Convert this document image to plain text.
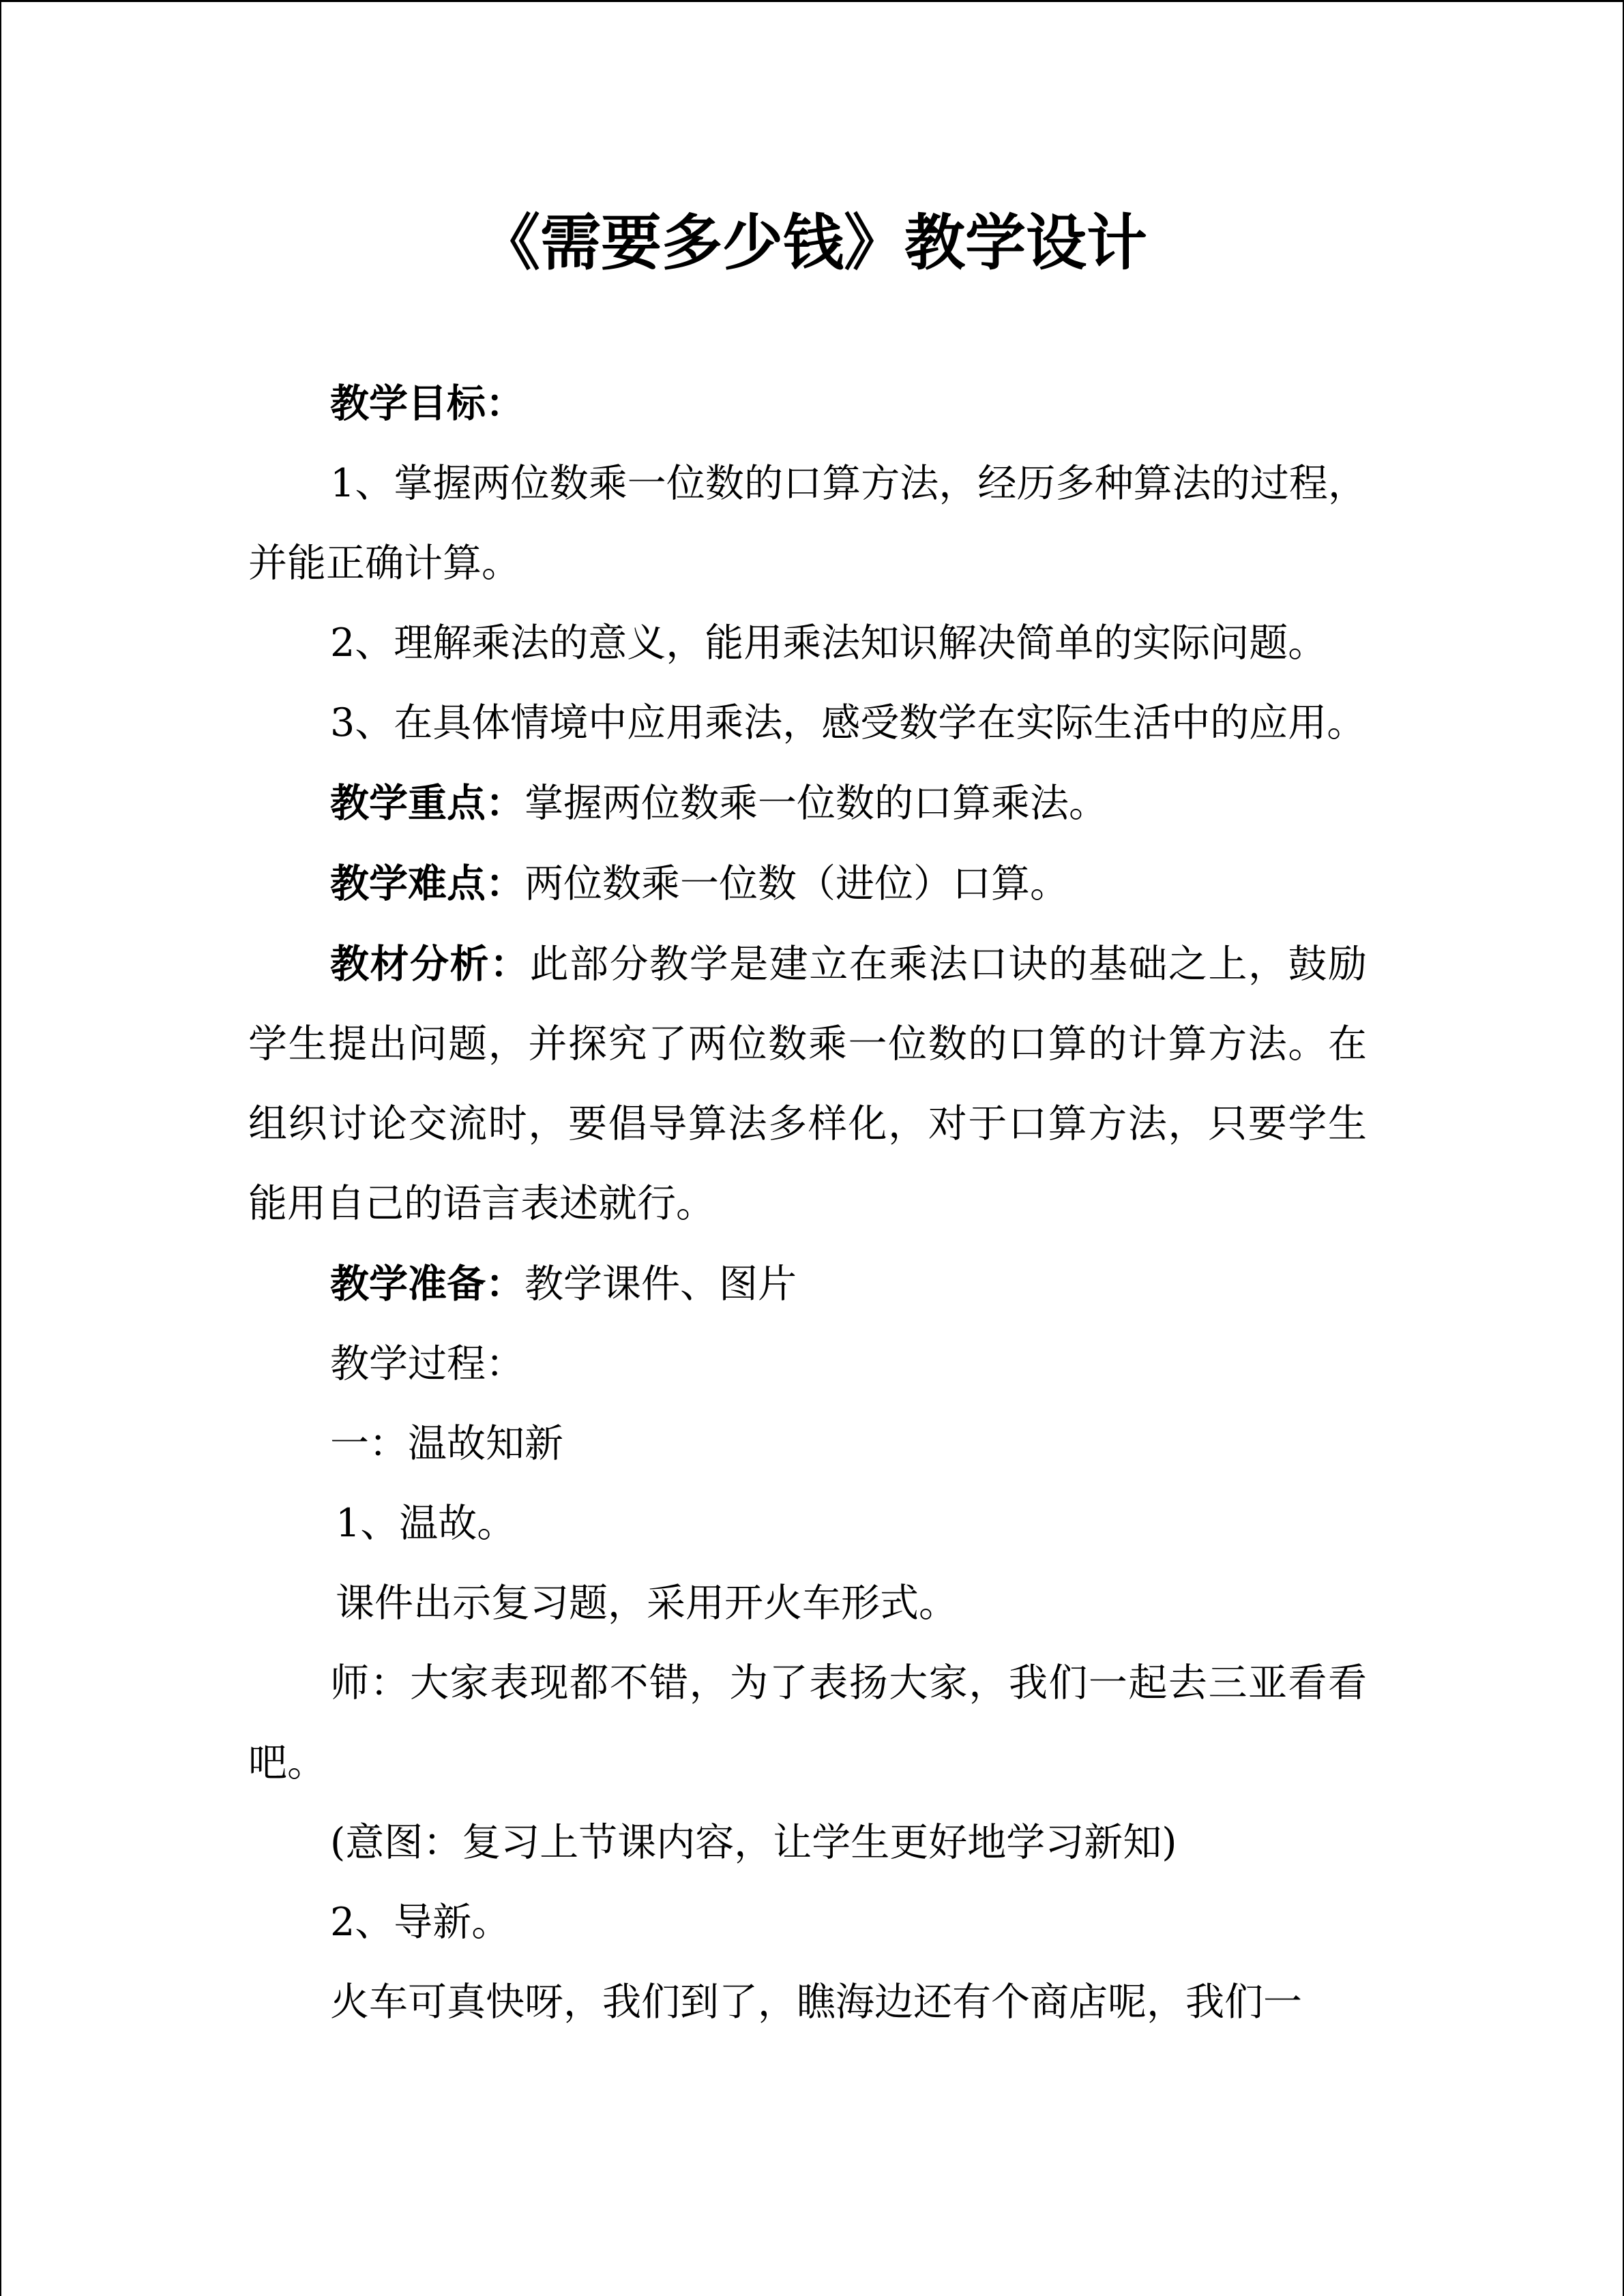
《需要多少钱》教学设计

教学目标：

1、掌握两位数乘一位数的口算方法，经历多种算法的过程，并能正确计算。

2、理解乘法的意义，能用乘法知识解决简单的实际问题。

3、在具体情境中应用乘法，感受数学在实际生活中的应用。

教学重点：掌握两位数乘一位数的口算乘法。

教学难点：两位数乘一位数（进位）口算。

教材分析：此部分教学是建立在乘法口诀的基础之上，鼓励学生提出问题，并探究了两位数乘一位数的口算的计算方法。在组织讨论交流时，要倡导算法多样化，对于口算方法，只要学生能用自己的语言表述就行。

教学准备：教学课件、图片

教学过程：

一：温故知新

1、温故。

课件出示复习题，采用开火车形式。

师：大家表现都不错，为了表扬大家，我们一起去三亚看看吧。

(意图：复习上节课内容，让学生更好地学习新知)

2、导新。

火车可真快呀，我们到了，瞧海边还有个商店呢，我们一
